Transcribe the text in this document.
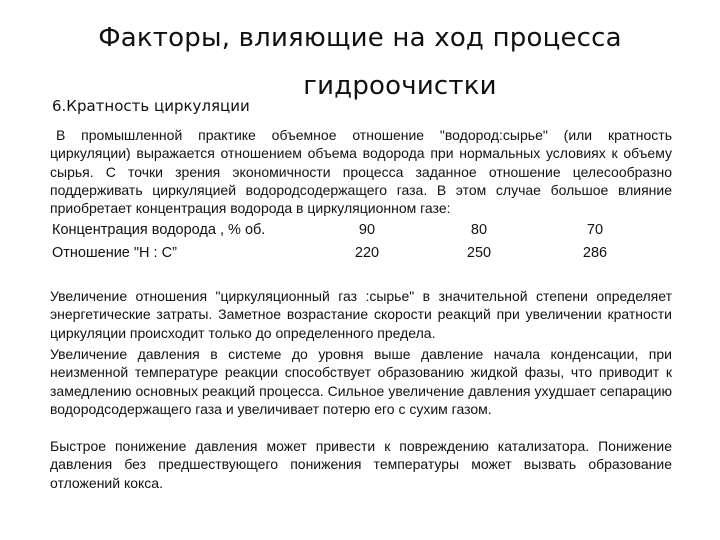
Факторы, влияющие на ход процесса
гидроочистки
6.Кратность циркуляции
В промышленной практике объемное отношение "водород:сырье" (или кратность циркуляции) выражается отношением объема водорода при нормальных условиях к объему сырья. С точки зрения экономичности процесса заданное отношение целесообразно поддерживать циркуляцией водородсодержащего газа. В этом случае большое влияние приобретает концентрация водорода в циркуляционном газе:
Концентрация водорода , % об.	90	80	70
Отношение "Н : С”	220	250	286
Увеличение отношения "циркуляционный газ :сырье" в значительной степени определяет энергетические затраты. Заметное возрастание скорости реакций при увеличении кратности циркуляции происходит только до определенного предела.
Увеличение давления в системе до уровня выше давление начала конденсации, при неизменной температуре реакции способствует образованию жидкой фазы, что приводит к замедлению основных реакций процесса. Сильное увеличение давления ухудшает сепарацию водородсодержащего газа и увеличивает потерю его с сухим газом.
Быстрое понижение давления может привести к повреждению катализатора. Понижение давления без предшествующего понижения температуры может вызвать образование отложений кокса.
